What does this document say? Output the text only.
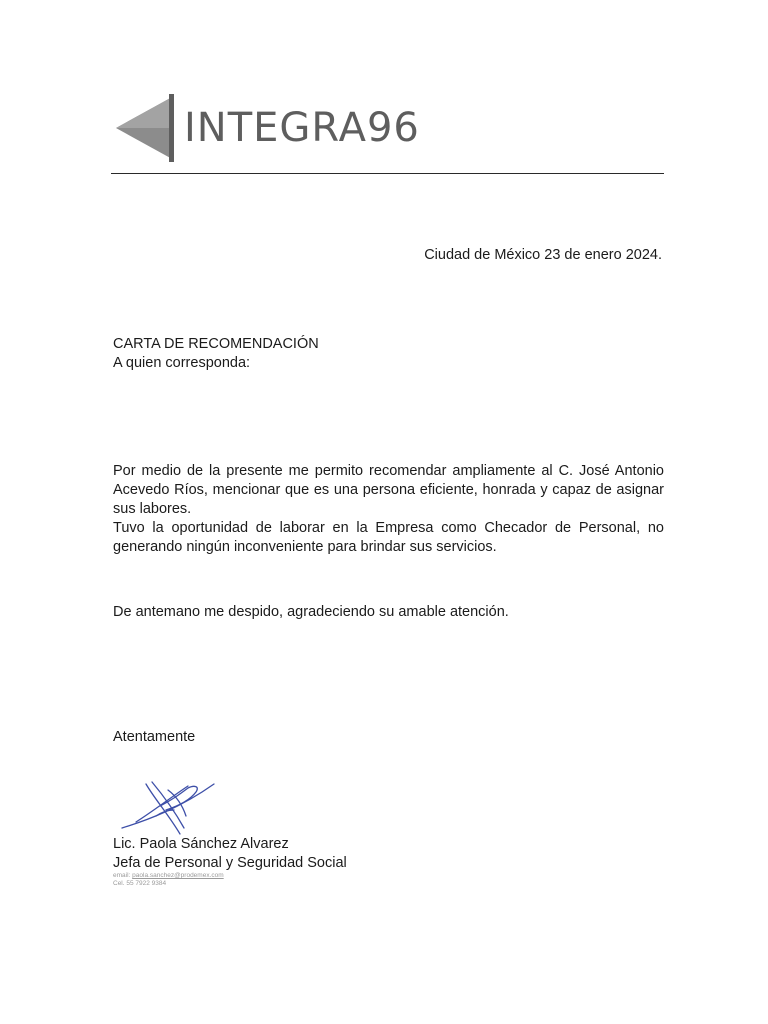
INTEGRA96
Ciudad de México 23 de enero 2024.
CARTA DE RECOMENDACIÓN
A quien corresponda:

Por medio de la presente me permito recomendar ampliamente al C. José Antonio Acevedo Ríos, mencionar que es una persona eficiente, honrada y capaz de asignar sus labores.

Tuvo la oportunidad de laborar en la Empresa como Checador de Personal, no generando ningún inconveniente para brindar sus servicios.

De antemano me despido, agradeciendo su amable atención.
Atentamente
Lic. Paola Sánchez Alvarez
Jefa de Personal y Seguridad Social
email: paola.sanchez@prodemex.com
Cel. 55 7922 9384
